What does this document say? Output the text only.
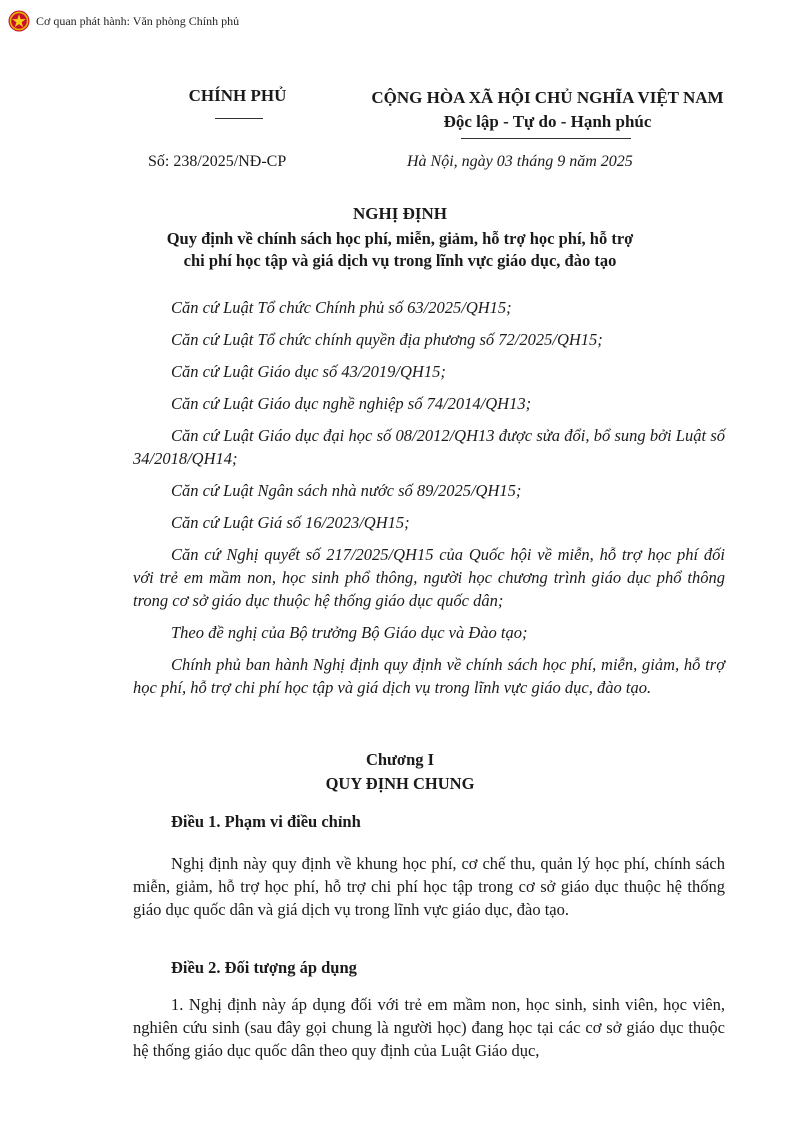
Cơ quan phát hành: Văn phòng Chính phủ
CHÍNH PHỦ	CỘNG HÒA XÃ HỘI CHỦ NGHĨA VIỆT NAM
Độc lập - Tự do - Hạnh phúc
Số: 238/2025/NĐ-CP	Hà Nội, ngày 03 tháng 9 năm 2025
NGHỊ ĐỊNH
Quy định về chính sách học phí, miễn, giảm, hỗ trợ học phí, hỗ trợ
chi phí học tập và giá dịch vụ trong lĩnh vực giáo dục, đào tạo

Căn cứ Luật Tổ chức Chính phủ số 63/2025/QH15;

Căn cứ Luật Tổ chức chính quyền địa phương số 72/2025/QH15;

Căn cứ Luật Giáo dục số 43/2019/QH15;

Căn cứ Luật Giáo dục nghề nghiệp số 74/2014/QH13;

Căn cứ Luật Giáo dục đại học số 08/2012/QH13 được sửa đổi, bổ sung bởi Luật số 34/2018/QH14;

Căn cứ Luật Ngân sách nhà nước số 89/2025/QH15;

Căn cứ Luật Giá số 16/2023/QH15;

Căn cứ Nghị quyết số 217/2025/QH15 của Quốc hội về miễn, hỗ trợ học phí đối với trẻ em mầm non, học sinh phổ thông, người học chương trình giáo dục phổ thông trong cơ sở giáo dục thuộc hệ thống giáo dục quốc dân;

Theo đề nghị của Bộ trưởng Bộ Giáo dục và Đào tạo;

Chính phủ ban hành Nghị định quy định về chính sách học phí, miễn, giảm, hỗ trợ học phí, hỗ trợ chi phí học tập và giá dịch vụ trong lĩnh vực giáo dục, đào tạo.

Chương I
QUY ĐỊNH CHUNG
Điều 1. Phạm vi điều chỉnh

Nghị định này quy định về khung học phí, cơ chế thu, quản lý học phí, chính sách miễn, giảm, hỗ trợ học phí, hỗ trợ chi phí học tập trong cơ sở giáo dục thuộc hệ thống giáo dục quốc dân và giá dịch vụ trong lĩnh vực giáo dục, đào tạo.

Điều 2. Đối tượng áp dụng

1. Nghị định này áp dụng đối với trẻ em mầm non, học sinh, sinh viên, học viên, nghiên cứu sinh (sau đây gọi chung là người học) đang học tại các cơ sở giáo dục thuộc hệ thống giáo dục quốc dân theo quy định của Luật Giáo dục,
